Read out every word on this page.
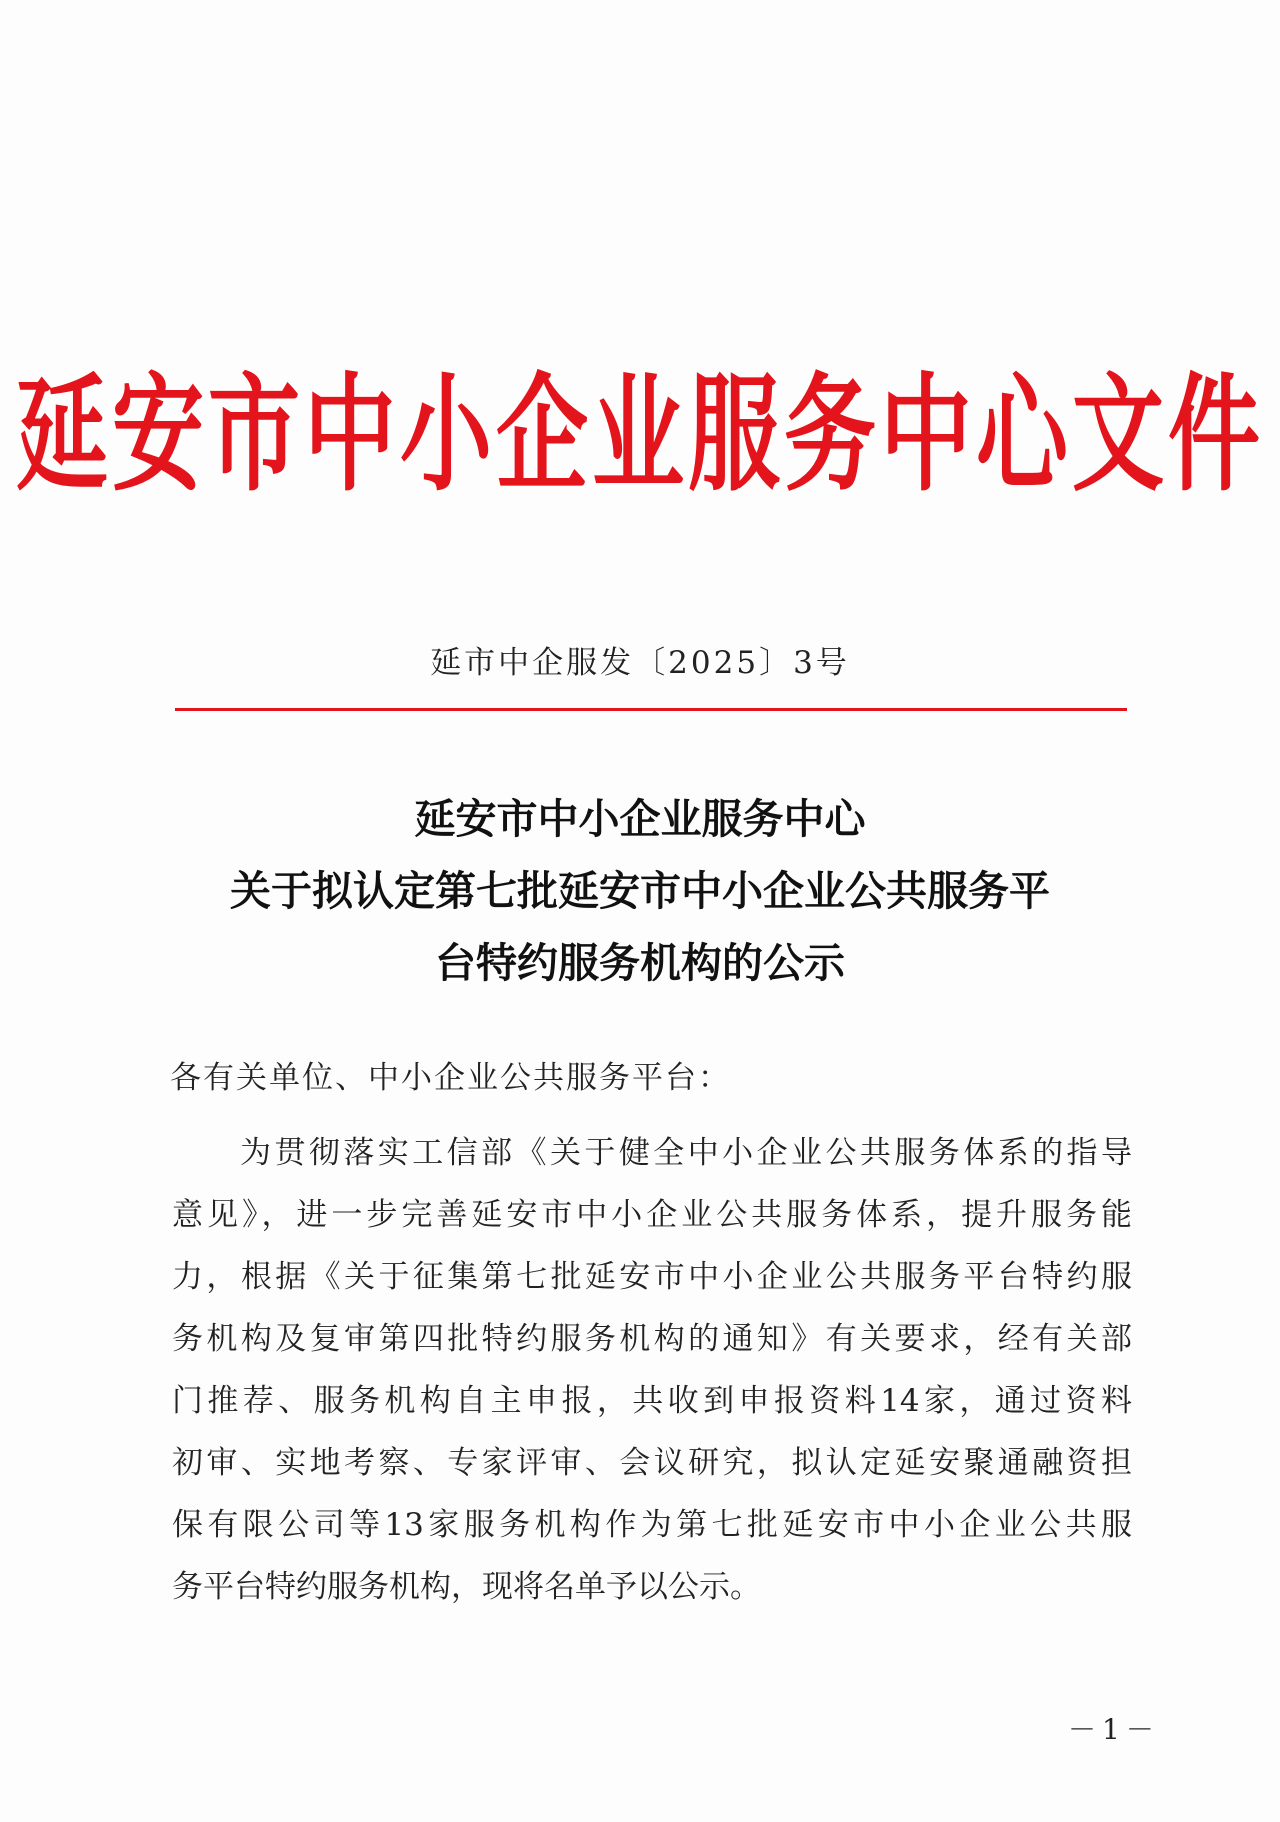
延安市中小企业服务中心文件
延市中企服发〔2025〕3号
延安市中小企业服务中心
关于拟认定第七批延安市中小企业公共服务平
台特约服务机构的公示
各有关单位、中小企业公共服务平台：
为贯彻落实工信部《关于健全中小企业公共服务体系的指导
意见》，进一步完善延安市中小企业公共服务体系，提升服务能
力，根据《关于征集第七批延安市中小企业公共服务平台特约服
务机构及复审第四批特约服务机构的通知》有关要求，经有关部
门推荐、服务机构自主申报，共收到申报资料14家，通过资料
初审、实地考察、专家评审、会议研究，拟认定延安聚通融资担
保有限公司等13家服务机构作为第七批延安市中小企业公共服
务平台特约服务机构，现将名单予以公示。
－1－
